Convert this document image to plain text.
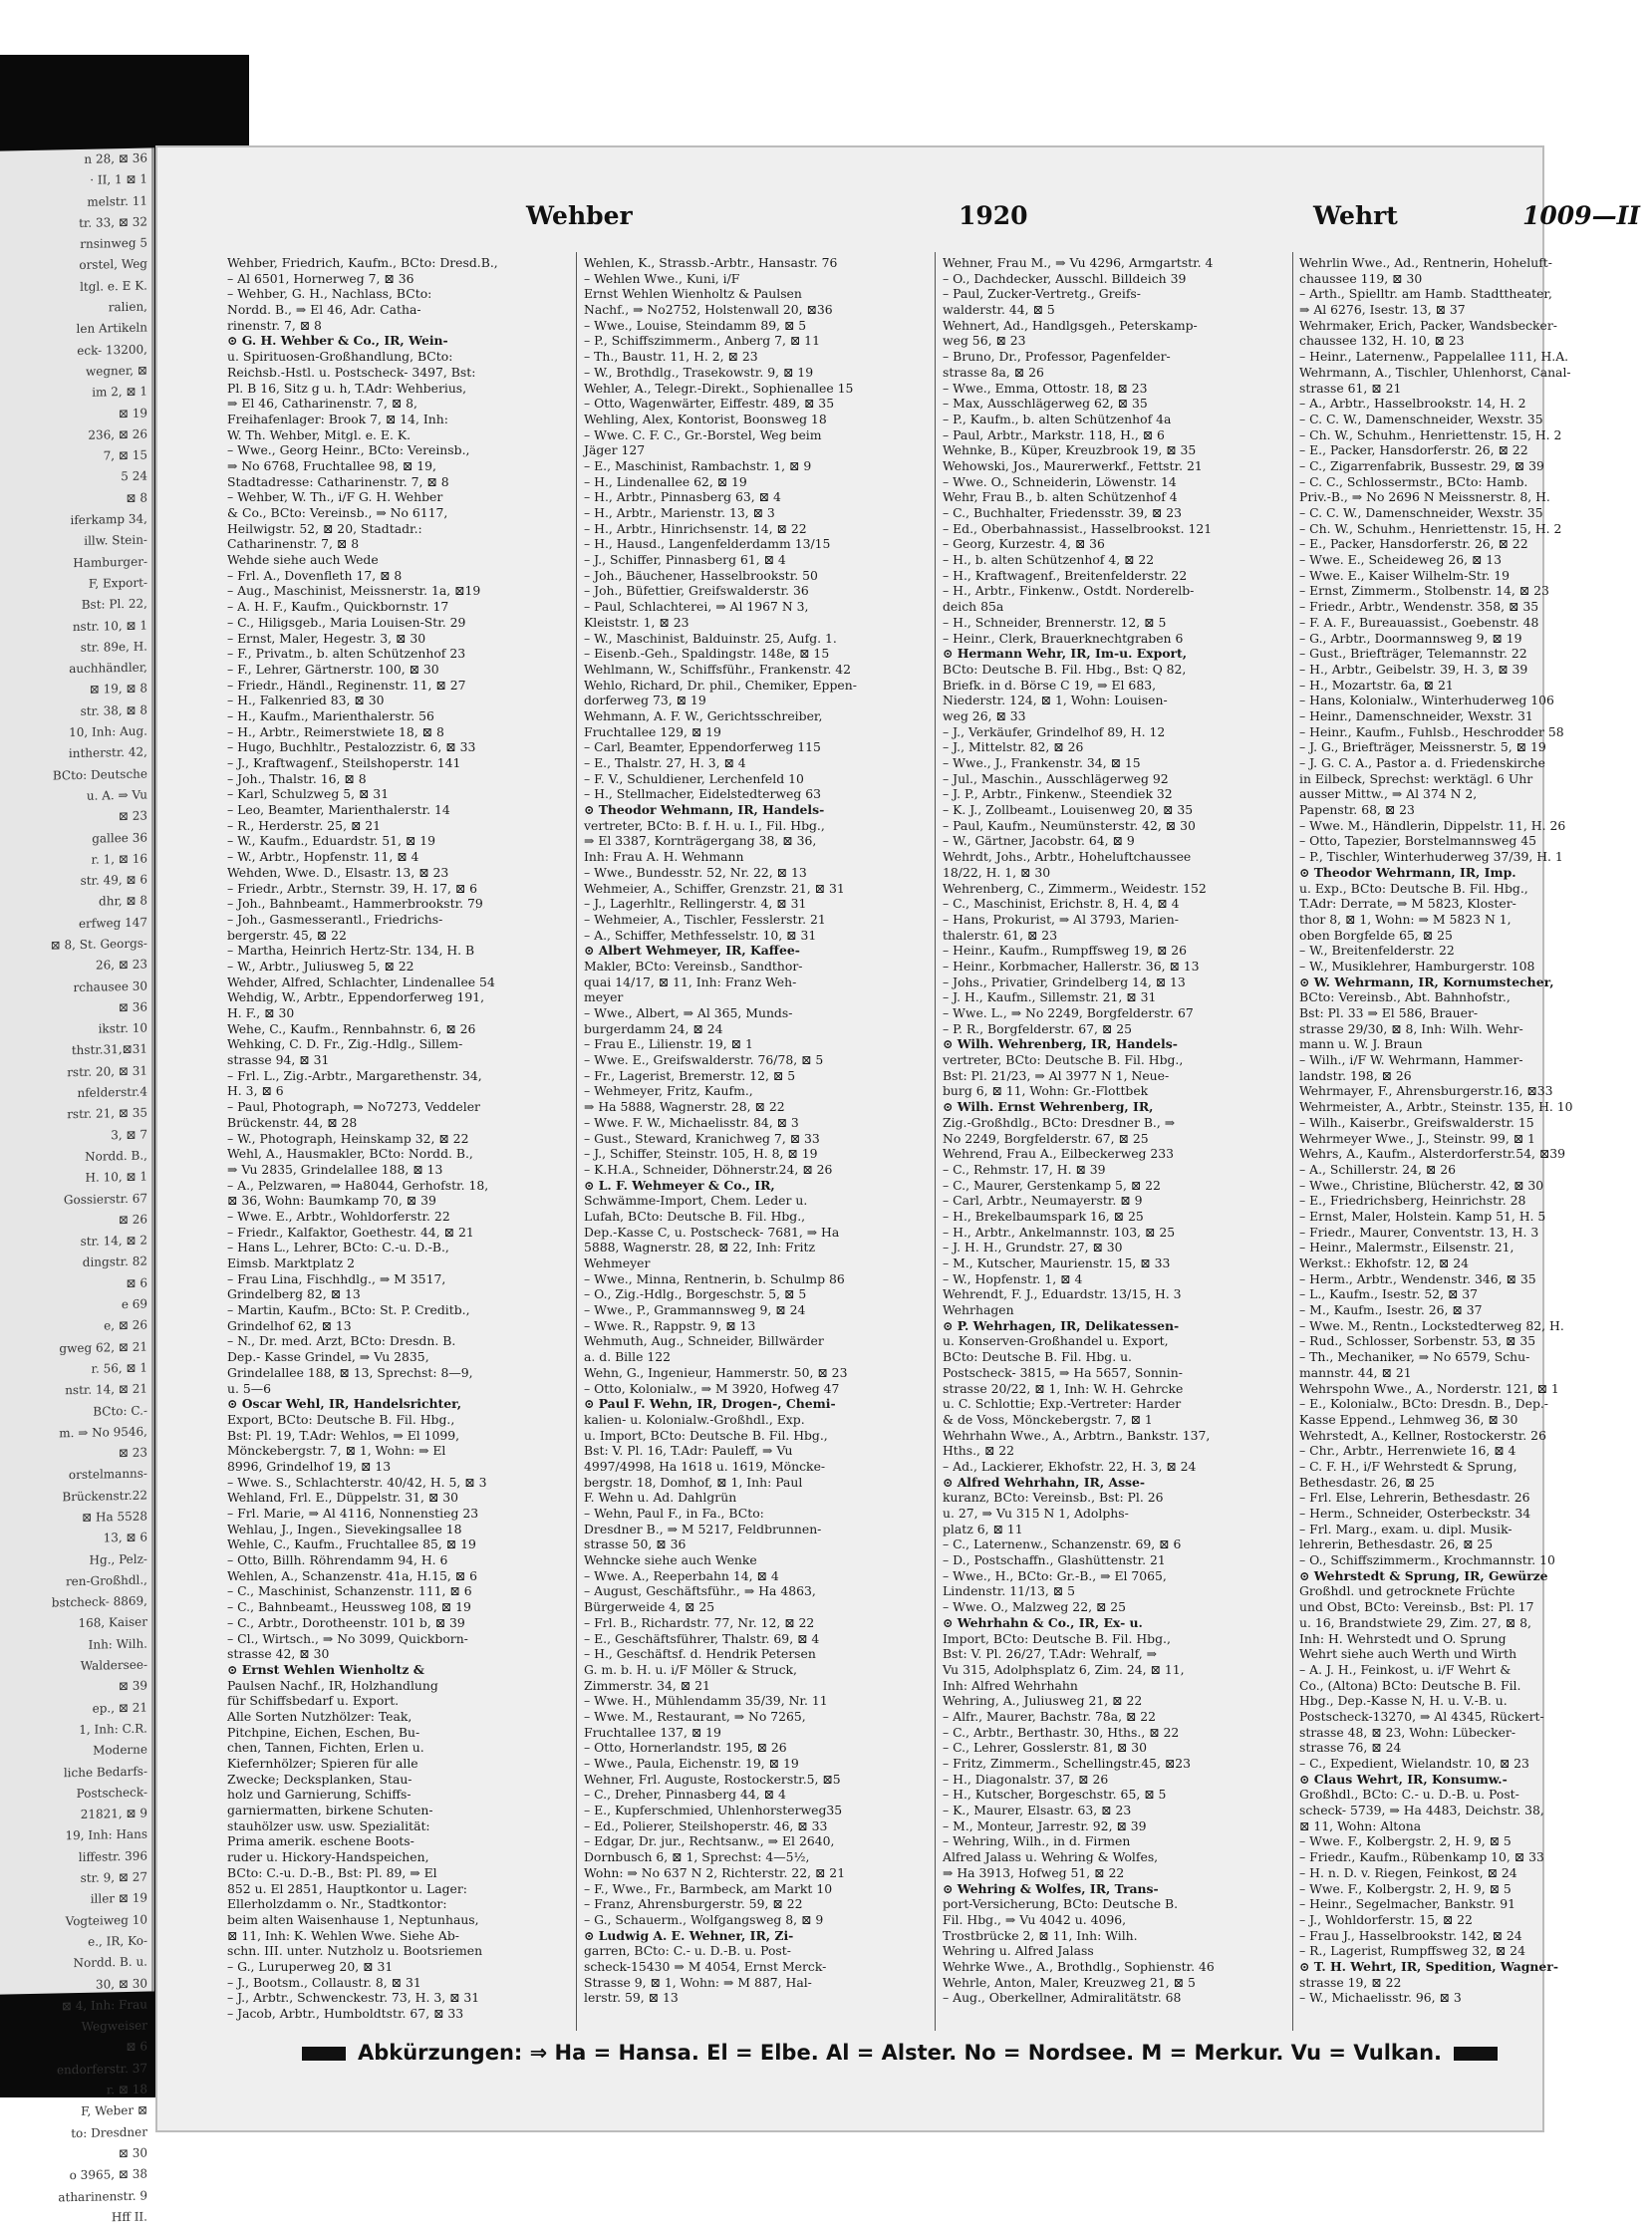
n 28, ⊠ 36
· II, 1 ⊠ 1
melstr. 11
tr. 33, ⊠ 32
rnsinweg 5
orstel, Weg
ltgl. e. E K.
ralien,
len Artikeln
eck- 13200,
wegner, ⊠
im 2, ⊠ 1
⊠ 19
236, ⊠ 26
7, ⊠ 15
5 24
⊠ 8
iferkamp 34,
illw. Stein-
Hamburger-
F, Export-
Bst: Pl. 22,
nstr. 10, ⊠ 1
str. 89e, H.
auchhändler,
⊠ 19, ⊠ 8
str. 38, ⊠ 8
10, Inh: Aug.
intherstr. 42,
BCto: Deutsche
u. A. ⇒ Vu
⊠ 23
gallee 36
r. 1, ⊠ 16
str. 49, ⊠ 6
dhr, ⊠ 8
erfweg 147
⊠ 8, St. Georgs-
26, ⊠ 23
rchausee 30
⊠ 36
ikstr. 10
thstr.31,⊠31
rstr. 20, ⊠ 31
nfelderstr.4
rstr. 21, ⊠ 35
3, ⊠ 7
Nordd. B.,
H. 10, ⊠ 1
Gossierstr. 67
⊠ 26
str. 14, ⊠ 2
dingstr. 82
⊠ 6
e 69
e, ⊠ 26
gweg 62, ⊠ 21
r. 56, ⊠ 1
nstr. 14, ⊠ 21
BCto: C.-
m. ⇒ No 9546,
⊠ 23
orstelmanns-
Brückenstr.22
⊠ Ha 5528
13, ⊠ 6
Hg., Pelz-
ren-Großhdl.,
bstcheck- 8869,
168, Kaiser
Inh: Wilh.
Waldersee-
⊠ 39
ep., ⊠ 21
1, Inh: C.R.
Moderne
liche Bedarfs-
Postscheck-
21821, ⊠ 9
19, Inh: Hans
liffestr. 396
str. 9, ⊠ 27
iller ⊠ 19
Vogteiweg 10
e., IR, Ko-
Nordd. B. u.
30, ⊠ 30
⊠ 4, Inh: Frau
Wegweiser
⊠ 6
endorferstr. 37
r. ⊠ 18
F, Weber ⊠
to: Dresdner
⊠ 30
o 3965, ⊠ 38
atharinenstr. 9
Hff II.
Wehber	1920	Wehrt	1009—II
Wehber, Friedrich, Kaufm., BCto: Dresd.B.,
– Al 6501, Hornerweg 7, ⊠ 36
– Wehber, G. H., Nachlass, BCto:
Nordd. B., ⇒ El 46, Adr. Catha-
rinenstr. 7, ⊠ 8
⊙ G. H. Wehber & Co., IR, Wein-
u. Spirituosen-Großhandlung, BCto:
Reichsb.-Hstl. u. Postscheck- 3497, Bst:
Pl. B 16, Sitz g u. h, T.Adr: Wehberius,
⇒ El 46, Catharinenstr. 7, ⊠ 8,
Freihafenlager: Brook 7, ⊠ 14, Inh:
W. Th. Wehber, Mitgl. e. E. K.
– Wwe., Georg Heinr., BCto: Vereinsb.,
⇒ No 6768, Fruchtallee 98, ⊠ 19,
Stadtadresse: Catharinenstr. 7, ⊠ 8
– Wehber, W. Th., i/F G. H. Wehber
& Co., BCto: Vereinsb., ⇒ No 6117,
Heilwigstr. 52, ⊠ 20, Stadtadr.:
Catharinenstr. 7, ⊠ 8
Wehde siehe auch Wede
– Frl. A., Dovenfleth 17, ⊠ 8
– Aug., Maschinist, Meissnerstr. 1a, ⊠19
– A. H. F., Kaufm., Quickbornstr. 17
– C., Hiligsgeb., Maria Louisen-Str. 29
– Ernst, Maler, Hegestr. 3, ⊠ 30
– F., Privatm., b. alten Schützenhof 23
– F., Lehrer, Gärtnerstr. 100, ⊠ 30
– Friedr., Händl., Reginenstr. 11, ⊠ 27
– H., Falkenried 83, ⊠ 30
– H., Kaufm., Marienthalerstr. 56
– H., Arbtr., Reimerstwiete 18, ⊠ 8
– Hugo, Buchhltr., Pestalozzistr. 6, ⊠ 33
– J., Kraftwagenf., Steilshoperstr. 141
– Joh., Thalstr. 16, ⊠ 8
– Karl, Schulzweg 5, ⊠ 31
– Leo, Beamter, Marienthalerstr. 14
– R., Herderstr. 25, ⊠ 21
– W., Kaufm., Eduardstr. 51, ⊠ 19
– W., Arbtr., Hopfenstr. 11, ⊠ 4
Wehden, Wwe. D., Elsastr. 13, ⊠ 23
– Friedr., Arbtr., Sternstr. 39, H. 17, ⊠ 6
– Joh., Bahnbeamt., Hammerbrookstr. 79
– Joh., Gasmesserantl., Friedrichs-
bergerstr. 45, ⊠ 22
– Martha, Heinrich Hertz-Str. 134, H. B
– W., Arbtr., Juliusweg 5, ⊠ 22
Wehder, Alfred, Schlachter, Lindenallee 54
Wehdig, W., Arbtr., Eppendorferweg 191,
H. F., ⊠ 30
Wehe, C., Kaufm., Rennbahnstr. 6, ⊠ 26
Wehking, C. D. Fr., Zig.-Hdlg., Sillem-
strasse 94, ⊠ 31
– Frl. L., Zig.-Arbtr., Margarethenstr. 34,
H. 3, ⊠ 6
– Paul, Photograph, ⇒ No7273, Veddeler
Brückenstr. 44, ⊠ 28
– W., Photograph, Heinskamp 32, ⊠ 22
Wehl, A., Hausmakler, BCto: Nordd. B.,
⇒ Vu 2835, Grindelallee 188, ⊠ 13
– A., Pelzwaren, ⇒ Ha8044, Gerhofstr. 18,
⊠ 36, Wohn: Baumkamp 70, ⊠ 39
– Wwe. E., Arbtr., Wohldorferstr. 22
– Friedr., Kalfaktor, Goethestr. 44, ⊠ 21
– Hans L., Lehrer, BCto: C.-u. D.-B.,
Eimsb. Marktplatz 2
– Frau Lina, Fischhdlg., ⇒ M 3517,
Grindelberg 82, ⊠ 13
– Martin, Kaufm., BCto: St. P. Creditb.,
Grindelhof 62, ⊠ 13
– N., Dr. med. Arzt, BCto: Dresdn. B.
Dep.- Kasse Grindel, ⇒ Vu 2835,
Grindelallee 188, ⊠ 13, Sprechst: 8—9,
u. 5—6
⊙ Oscar Wehl, IR, Handelsrichter,
Export, BCto: Deutsche B. Fil. Hbg.,
Bst: Pl. 19, T.Adr: Wehlos, ⇒ El 1099,
Mönckebergstr. 7, ⊠ 1, Wohn: ⇒ El
8996, Grindelhof 19, ⊠ 13
– Wwe. S., Schlachterstr. 40/42, H. 5, ⊠ 3
Wehland, Frl. E., Düppelstr. 31, ⊠ 30
– Frl. Marie, ⇒ Al 4116, Nonnenstieg 23
Wehlau, J., Ingen., Sievekingsallee 18
Wehle, C., Kaufm., Fruchtallee 85, ⊠ 19
– Otto, Billh. Röhrendamm 94, H. 6
Wehlen, A., Schanzenstr. 41a, H.15, ⊠ 6
– C., Maschinist, Schanzenstr. 111, ⊠ 6
– C., Bahnbeamt., Heussweg 108, ⊠ 19
– C., Arbtr., Dorotheenstr. 101 b, ⊠ 39
– Cl., Wirtsch., ⇒ No 3099, Quickborn-
strasse 42, ⊠ 30
⊙ Ernst Wehlen Wienholtz &
Paulsen Nachf., IR, Holzhandlung
für Schiffsbedarf u. Export.
Alle Sorten Nutzhölzer: Teak,
Pitchpine, Eichen, Eschen, Bu-
chen, Tannen, Fichten, Erlen u.
Kiefernhölzer; Spieren für alle
Zwecke; Decksplanken, Stau-
holz und Garnierung, Schiffs-
garniermatten, birkene Schuten-
stauhölzer usw. usw. Spezialität:
Prima amerik. eschene Boots-
ruder u. Hickory-Handspeichen,
BCto: C.-u. D.-B., Bst: Pl. 89, ⇒ El
852 u. El 2851, Hauptkontor u. Lager:
Ellerholzdamm o. Nr., Stadtkontor:
beim alten Waisenhause 1, Neptunhaus,
⊠ 11, Inh: K. Wehlen Wwe. Siehe Ab-
schn. III. unter. Nutzholz u. Bootsriemen
– G., Luruperweg 20, ⊠ 31
– J., Bootsm., Collaustr. 8, ⊠ 31
– J., Arbtr., Schwenckestr. 73, H. 3, ⊠ 31
– Jacob, Arbtr., Humboldtstr. 67, ⊠ 33
Wehlen, K., Strassb.-Arbtr., Hansastr. 76
– Wehlen Wwe., Kuni, i/F
Ernst Wehlen Wienholtz & Paulsen
Nachf., ⇒ No2752, Holstenwall 20, ⊠36
– Wwe., Louise, Steindamm 89, ⊠ 5
– P., Schiffszimmerm., Anberg 7, ⊠ 11
– Th., Baustr. 11, H. 2, ⊠ 23
– W., Brothdlg., Trasekowstr. 9, ⊠ 19
Wehler, A., Telegr.-Direkt., Sophienallee 15
– Otto, Wagenwärter, Eiffestr. 489, ⊠ 35
Wehling, Alex, Kontorist, Boonsweg 18
– Wwe. C. F. C., Gr.-Borstel, Weg beim
Jäger 127
– E., Maschinist, Rambachstr. 1, ⊠ 9
– H., Lindenallee 62, ⊠ 19
– H., Arbtr., Pinnasberg 63, ⊠ 4
– H., Arbtr., Marienstr. 13, ⊠ 3
– H., Arbtr., Hinrichsenstr. 14, ⊠ 22
– H., Hausd., Langenfelderdamm 13/15
– J., Schiffer, Pinnasberg 61, ⊠ 4
– Joh., Bäuchener, Hasselbrookstr. 50
– Joh., Büfettier, Greifswalderstr. 36
– Paul, Schlachterei, ⇒ Al 1967 N 3,
Kleiststr. 1, ⊠ 23
– W., Maschinist, Balduinstr. 25, Aufg. 1.
– Eisenb.-Geh., Spaldingstr. 148e, ⊠ 15
Wehlmann, W., Schiffsführ., Frankenstr. 42
Wehlo, Richard, Dr. phil., Chemiker, Eppen-
dorferweg 73, ⊠ 19
Wehmann, A. F. W., Gerichtsschreiber,
Fruchtallee 129, ⊠ 19
– Carl, Beamter, Eppendorferweg 115
– E., Thalstr. 27, H. 3, ⊠ 4
– F. V., Schuldiener, Lerchenfeld 10
– H., Stellmacher, Eidelstedterweg 63
⊙ Theodor Wehmann, IR, Handels-
vertreter, BCto: B. f. H. u. I., Fil. Hbg.,
⇒ El 3387, Kornträgergang 38, ⊠ 36,
Inh: Frau A. H. Wehmann
– Wwe., Bundesstr. 52, Nr. 22, ⊠ 13
Wehmeier, A., Schiffer, Grenzstr. 21, ⊠ 31
– J., Lagerhltr., Rellingerstr. 4, ⊠ 31
– Wehmeier, A., Tischler, Fesslerstr. 21
– A., Schiffer, Methfesselstr. 10, ⊠ 31
⊙ Albert Wehmeyer, IR, Kaffee-
Makler, BCto: Vereinsb., Sandthor-
quai 14/17, ⊠ 11, Inh: Franz Weh-
meyer
– Wwe., Albert, ⇒ Al 365, Munds-
burgerdamm 24, ⊠ 24
– Frau E., Lilienstr. 19, ⊠ 1
– Wwe. E., Greifswalderstr. 76/78, ⊠ 5
– Fr., Lagerist, Bremerstr. 12, ⊠ 5
– Wehmeyer, Fritz, Kaufm.,
⇒ Ha 5888, Wagnerstr. 28, ⊠ 22
– Wwe. F. W., Michaelisstr. 84, ⊠ 3
– Gust., Steward, Kranichweg 7, ⊠ 33
– J., Schiffer, Steinstr. 105, H. 8, ⊠ 19
– K.H.A., Schneider, Döhnerstr.24, ⊠ 26
⊙ L. F. Wehmeyer & Co., IR,
Schwämme-Import, Chem. Leder u.
Lufah, BCto: Deutsche B. Fil. Hbg.,
Dep.-Kasse C, u. Postscheck- 7681, ⇒ Ha
5888, Wagnerstr. 28, ⊠ 22, Inh: Fritz
Wehmeyer
– Wwe., Minna, Rentnerin, b. Schulmp 86
– O., Zig.-Hdlg., Borgeschstr. 5, ⊠ 5
– Wwe., P., Grammannsweg 9, ⊠ 24
– Wwe. R., Rappstr. 9, ⊠ 13
Wehmuth, Aug., Schneider, Billwärder
a. d. Bille 122
Wehn, G., Ingenieur, Hammerstr. 50, ⊠ 23
– Otto, Kolonialw., ⇒ M 3920, Hofweg 47
⊙ Paul F. Wehn, IR, Drogen-, Chemi-
kalien- u. Kolonialw.-Großhdl., Exp.
u. Import, BCto: Deutsche B. Fil. Hbg.,
Bst: V. Pl. 16, T.Adr: Pauleff, ⇒ Vu
4997/4998, Ha 1618 u. 1619, Möncke-
bergstr. 18, Domhof, ⊠ 1, Inh: Paul
F. Wehn u. Ad. Dahlgrün
– Wehn, Paul F., in Fa., BCto:
Dresdner B., ⇒ M 5217, Feldbrunnen-
strasse 50, ⊠ 36
Wehncke siehe auch Wenke
– Wwe. A., Reeperbahn 14, ⊠ 4
– August, Geschäftsführ., ⇒ Ha 4863,
Bürgerweide 4, ⊠ 25
– Frl. B., Richardstr. 77, Nr. 12, ⊠ 22
– E., Geschäftsführer, Thalstr. 69, ⊠ 4
– H., Geschäftsf. d. Hendrik Petersen
G. m. b. H. u. i/F Möller & Struck,
Zimmerstr. 34, ⊠ 21
– Wwe. H., Mühlendamm 35/39, Nr. 11
– Wwe. M., Restaurant, ⇒ No 7265,
Fruchtallee 137, ⊠ 19
– Otto, Hornerlandstr. 195, ⊠ 26
– Wwe., Paula, Eichenstr. 19, ⊠ 19
Wehner, Frl. Auguste, Rostockerstr.5, ⊠5
– C., Dreher, Pinnasberg 44, ⊠ 4
– E., Kupferschmied, Uhlenhorsterweg35
– Ed., Polierer, Steilshoperstr. 46, ⊠ 33
– Edgar, Dr. jur., Rechtsanw., ⇒ El 2640,
Dornbusch 6, ⊠ 1, Sprechst: 4—5½,
Wohn: ⇒ No 637 N 2, Richterstr. 22, ⊠ 21
– F., Wwe., Fr., Barmbeck, am Markt 10
– Franz, Ahrensburgerstr. 59, ⊠ 22
– G., Schauerm., Wolfgangsweg 8, ⊠ 9
⊙ Ludwig A. E. Wehner, IR, Zi-
garren, BCto: C.- u. D.-B. u. Post-
scheck-15430 ⇒ M 4054, Ernst Merck-
Strasse 9, ⊠ 1, Wohn: ⇒ M 887, Hal-
lerstr. 59, ⊠ 13
Wehner, Frau M., ⇒ Vu 4296, Armgartstr. 4
– O., Dachdecker, Ausschl. Billdeich 39
– Paul, Zucker-Vertretg., Greifs-
walderstr. 44, ⊠ 5
Wehnert, Ad., Handlgsgeh., Peterskamp-
weg 56, ⊠ 23
– Bruno, Dr., Professor, Pagenfelder-
strasse 8a, ⊠ 26
– Wwe., Emma, Ottostr. 18, ⊠ 23
– Max, Ausschlägerweg 62, ⊠ 35
– P., Kaufm., b. alten Schützenhof 4a
– Paul, Arbtr., Markstr. 118, H., ⊠ 6
Wehnke, B., Küper, Kreuzbrook 19, ⊠ 35
Wehowski, Jos., Maurerwerkf., Fettstr. 21
– Wwe. O., Schneiderin, Löwenstr. 14
Wehr, Frau B., b. alten Schützenhof 4
– C., Buchhalter, Friedensstr. 39, ⊠ 23
– Ed., Oberbahnassist., Hasselbrookst. 121
– Georg, Kurzestr. 4, ⊠ 36
– H., b. alten Schützenhof 4, ⊠ 22
– H., Kraftwagenf., Breitenfelderstr. 22
– H., Arbtr., Finkenw., Ostdt. Norderelb-
deich 85a
– H., Schneider, Brennerstr. 12, ⊠ 5
– Heinr., Clerk, Brauerknechtgraben 6
⊙ Hermann Wehr, IR, Im-u. Export,
BCto: Deutsche B. Fil. Hbg., Bst: Q 82,
Briefk. in d. Börse C 19, ⇒ El 683,
Niederstr. 124, ⊠ 1, Wohn: Louisen-
weg 26, ⊠ 33
– J., Verkäufer, Grindelhof 89, H. 12
– J., Mittelstr. 82, ⊠ 26
– Wwe., J., Frankenstr. 34, ⊠ 15
– Jul., Maschin., Ausschlägerweg 92
– J. P., Arbtr., Finkenw., Steendiek 32
– K. J., Zollbeamt., Louisenweg 20, ⊠ 35
– Paul, Kaufm., Neumünsterstr. 42, ⊠ 30
– W., Gärtner, Jacobstr. 64, ⊠ 9
Wehrdt, Johs., Arbtr., Hoheluftchaussee
18/22, H. 1, ⊠ 30
Wehrenberg, C., Zimmerm., Weidestr. 152
– C., Maschinist, Erichstr. 8, H. 4, ⊠ 4
– Hans, Prokurist, ⇒ Al 3793, Marien-
thalerstr. 61, ⊠ 23
– Heinr., Kaufm., Rumpffsweg 19, ⊠ 26
– Heinr., Korbmacher, Hallerstr. 36, ⊠ 13
– Johs., Privatier, Grindelberg 14, ⊠ 13
– J. H., Kaufm., Sillemstr. 21, ⊠ 31
– Wwe. L., ⇒ No 2249, Borgfelderstr. 67
– P. R., Borgfelderstr. 67, ⊠ 25
⊙ Wilh. Wehrenberg, IR, Handels-
vertreter, BCto: Deutsche B. Fil. Hbg.,
Bst: Pl. 21/23, ⇒ Al 3977 N 1, Neue-
burg 6, ⊠ 11, Wohn: Gr.-Flottbek
⊙ Wilh. Ernst Wehrenberg, IR,
Zig.-Großhdlg., BCto: Dresdner B., ⇒
No 2249, Borgfelderstr. 67, ⊠ 25
Wehrend, Frau A., Eilbeckerweg 233
– C., Rehmstr. 17, H. ⊠ 39
– C., Maurer, Gerstenkamp 5, ⊠ 22
– Carl, Arbtr., Neumayerstr. ⊠ 9
– H., Brekelbaumspark 16, ⊠ 25
– H., Arbtr., Ankelmannstr. 103, ⊠ 25
– J. H. H., Grundstr. 27, ⊠ 30
– M., Kutscher, Maurienstr. 15, ⊠ 33
– W., Hopfenstr. 1, ⊠ 4
Wehrendt, F. J., Eduardstr. 13/15, H. 3
Wehrhagen
⊙ P. Wehrhagen, IR, Delikatessen-
u. Konserven-Großhandel u. Export,
BCto: Deutsche B. Fil. Hbg. u.
Postscheck- 3815, ⇒ Ha 5657, Sonnin-
strasse 20/22, ⊠ 1, Inh: W. H. Gehrcke
u. C. Schlottie; Exp.-Vertreter: Harder
& de Voss, Mönckebergstr. 7, ⊠ 1
Wehrhahn Wwe., A., Arbtrn., Bankstr. 137,
Hths., ⊠ 22
– Ad., Lackierer, Ekhofstr. 22, H. 3, ⊠ 24
⊙ Alfred Wehrhahn, IR, Asse-
kuranz, BCto: Vereinsb., Bst: Pl. 26
u. 27, ⇒ Vu 315 N 1, Adolphs-
platz 6, ⊠ 11
– C., Laternenw., Schanzenstr. 69, ⊠ 6
– D., Postschaffn., Glashüttenstr. 21
– Wwe., H., BCto: Gr.-B., ⇒ El 7065,
Lindenstr. 11/13, ⊠ 5
– Wwe. O., Malzweg 22, ⊠ 25
⊙ Wehrhahn & Co., IR, Ex- u.
Import, BCto: Deutsche B. Fil. Hbg.,
Bst: V. Pl. 26/27, T.Adr: Wehralf, ⇒
Vu 315, Adolphsplatz 6, Zim. 24, ⊠ 11,
Inh: Alfred Wehrhahn
Wehring, A., Juliusweg 21, ⊠ 22
– Alfr., Maurer, Bachstr. 78a, ⊠ 22
– C., Arbtr., Berthastr. 30, Hths., ⊠ 22
– C., Lehrer, Gosslerstr. 81, ⊠ 30
– Fritz, Zimmerm., Schellingstr.45, ⊠23
– H., Diagonalstr. 37, ⊠ 26
– H., Kutscher, Borgeschstr. 65, ⊠ 5
– K., Maurer, Elsastr. 63, ⊠ 23
– M., Monteur, Jarrestr. 92, ⊠ 39
– Wehring, Wilh., in d. Firmen
Alfred Jalass u. Wehring & Wolfes,
⇒ Ha 3913, Hofweg 51, ⊠ 22
⊙ Wehring & Wolfes, IR, Trans-
port-Versicherung, BCto: Deutsche B.
Fil. Hbg., ⇒ Vu 4042 u. 4096,
Trostbrücke 2, ⊠ 11, Inh: Wilh.
Wehring u. Alfred Jalass
Wehrke Wwe., A., Brothdlg., Sophienstr. 46
Wehrle, Anton, Maler, Kreuzweg 21, ⊠ 5
– Aug., Oberkellner, Admiralitätstr. 68
Wehrlin Wwe., Ad., Rentnerin, Hoheluft-
chaussee 119, ⊠ 30
– Arth., Spielltr. am Hamb. Stadttheater,
⇒ Al 6276, Isestr. 13, ⊠ 37
Wehrmaker, Erich, Packer, Wandsbecker-
chaussee 132, H. 10, ⊠ 23
– Heinr., Laternenw., Pappelallee 111, H.A.
Wehrmann, A., Tischler, Uhlenhorst, Canal-
strasse 61, ⊠ 21
– A., Arbtr., Hasselbrookstr. 14, H. 2
– C. C. W., Damenschneider, Wexstr. 35
– Ch. W., Schuhm., Henriettenstr. 15, H. 2
– E., Packer, Hansdorferstr. 26, ⊠ 22
– C., Zigarrenfabrik, Bussestr. 29, ⊠ 39
– C. C., Schlossermstr., BCto: Hamb.
Priv.-B., ⇒ No 2696 N Meissnerstr. 8, H.
– C. C. W., Damenschneider, Wexstr. 35
– Ch. W., Schuhm., Henriettenstr. 15, H. 2
– E., Packer, Hansdorferstr. 26, ⊠ 22
– Wwe. E., Scheideweg 26, ⊠ 13
– Wwe. E., Kaiser Wilhelm-Str. 19
– Ernst, Zimmerm., Stolbenstr. 14, ⊠ 23
– Friedr., Arbtr., Wendenstr. 358, ⊠ 35
– F. A. F., Bureauassist., Goebenstr. 48
– G., Arbtr., Doormannsweg 9, ⊠ 19
– Gust., Briefträger, Telemannstr. 22
– H., Arbtr., Geibelstr. 39, H. 3, ⊠ 39
– H., Mozartstr. 6a, ⊠ 21
– Hans, Kolonialw., Winterhuderweg 106
– Heinr., Damenschneider, Wexstr. 31
– Heinr., Kaufm., Fuhlsb., Heschrodder 58
– J. G., Briefträger, Meissnerstr. 5, ⊠ 19
– J. G. C. A., Pastor a. d. Friedenskirche
in Eilbeck, Sprechst: werktägl. 6 Uhr
ausser Mittw., ⇒ Al 374 N 2,
Papenstr. 68, ⊠ 23
– Wwe. M., Händlerin, Dippelstr. 11, H. 26
– Otto, Tapezier, Borstelmannsweg 45
– P., Tischler, Winterhuderweg 37/39, H. 1
⊙ Theodor Wehrmann, IR, Imp.
u. Exp., BCto: Deutsche B. Fil. Hbg.,
T.Adr: Derrate, ⇒ M 5823, Kloster-
thor 8, ⊠ 1, Wohn: ⇒ M 5823 N 1,
oben Borgfelde 65, ⊠ 25
– W., Breitenfelderstr. 22
– W., Musiklehrer, Hamburgerstr. 108
⊙ W. Wehrmann, IR, Kornumstecher,
BCto: Vereinsb., Abt. Bahnhofstr.,
Bst: Pl. 33 ⇒ El 586, Brauer-
strasse 29/30, ⊠ 8, Inh: Wilh. Wehr-
mann u. W. J. Braun
– Wilh., i/F W. Wehrmann, Hammer-
landstr. 198, ⊠ 26
Wehrmayer, F., Ahrensburgerstr.16, ⊠33
Wehrmeister, A., Arbtr., Steinstr. 135, H. 10
– Wilh., Kaiserbr., Greifswalderstr. 15
Wehrmeyer Wwe., J., Steinstr. 99, ⊠ 1
Wehrs, A., Kaufm., Alsterdorferstr.54, ⊠39
– A., Schillerstr. 24, ⊠ 26
– Wwe., Christine, Blücherstr. 42, ⊠ 30
– E., Friedrichsberg, Heinrichstr. 28
– Ernst, Maler, Holstein. Kamp 51, H. 5
– Friedr., Maurer, Conventstr. 13, H. 3
– Heinr., Malermstr., Eilsenstr. 21,
Werkst.: Ekhofstr. 12, ⊠ 24
– Herm., Arbtr., Wendenstr. 346, ⊠ 35
– L., Kaufm., Isestr. 52, ⊠ 37
– M., Kaufm., Isestr. 26, ⊠ 37
– Wwe. M., Rentn., Lockstedterweg 82, H.
– Rud., Schlosser, Sorbenstr. 53, ⊠ 35
– Th., Mechaniker, ⇒ No 6579, Schu-
mannstr. 44, ⊠ 21
Wehrspohn Wwe., A., Norderstr. 121, ⊠ 1
– E., Kolonialw., BCto: Dresdn. B., Dep.-
Kasse Eppend., Lehmweg 36, ⊠ 30
Wehrstedt, A., Kellner, Rostockerstr. 26
– Chr., Arbtr., Herrenwiete 16, ⊠ 4
– C. F. H., i/F Wehrstedt & Sprung,
Bethesdastr. 26, ⊠ 25
– Frl. Else, Lehrerin, Bethesdastr. 26
– Herm., Schneider, Osterbeckstr. 34
– Frl. Marg., exam. u. dipl. Musik-
lehrerin, Bethesdastr. 26, ⊠ 25
– O., Schiffszimmerm., Krochmannstr. 10
⊙ Wehrstedt & Sprung, IR, Gewürze
Großhdl. und getrocknete Früchte
und Obst, BCto: Vereinsb., Bst: Pl. 17
u. 16, Brandstwiete 29, Zim. 27, ⊠ 8,
Inh: H. Wehrstedt und O. Sprung
Wehrt siehe auch Werth und Wirth
– A. J. H., Feinkost, u. i/F Wehrt &
Co., (Altona) BCto: Deutsche B. Fil.
Hbg., Dep.-Kasse N, H. u. V.-B. u.
Postscheck-13270, ⇒ Al 4345, Rückert-
strasse 48, ⊠ 23, Wohn: Lübecker-
strasse 76, ⊠ 24
– C., Expedient, Wielandstr. 10, ⊠ 23
⊙ Claus Wehrt, IR, Konsumw.-
Großhdl., BCto: C.- u. D.-B. u. Post-
scheck- 5739, ⇒ Ha 4483, Deichstr. 38,
⊠ 11, Wohn: Altona
– Wwe. F., Kolbergstr. 2, H. 9, ⊠ 5
– Friedr., Kaufm., Rübenkamp 10, ⊠ 33
– H. n. D. v. Riegen, Feinkost, ⊠ 24
– Wwe. F., Kolbergstr. 2, H. 9, ⊠ 5
– Heinr., Segelmacher, Bankstr. 91
– J., Wohldorferstr. 15, ⊠ 22
– Frau J., Hasselbrookstr. 142, ⊠ 24
– R., Lagerist, Rumpffsweg 32, ⊠ 24
⊙ T. H. Wehrt, IR, Spedition, Wagner-
strasse 19, ⊠ 22
– W., Michaelisstr. 96, ⊠ 3
Abkürzungen: ⇒ Ha = Hansa. El = Elbe. Al = Alster. No = Nordsee. M = Merkur. Vu = Vulkan.
